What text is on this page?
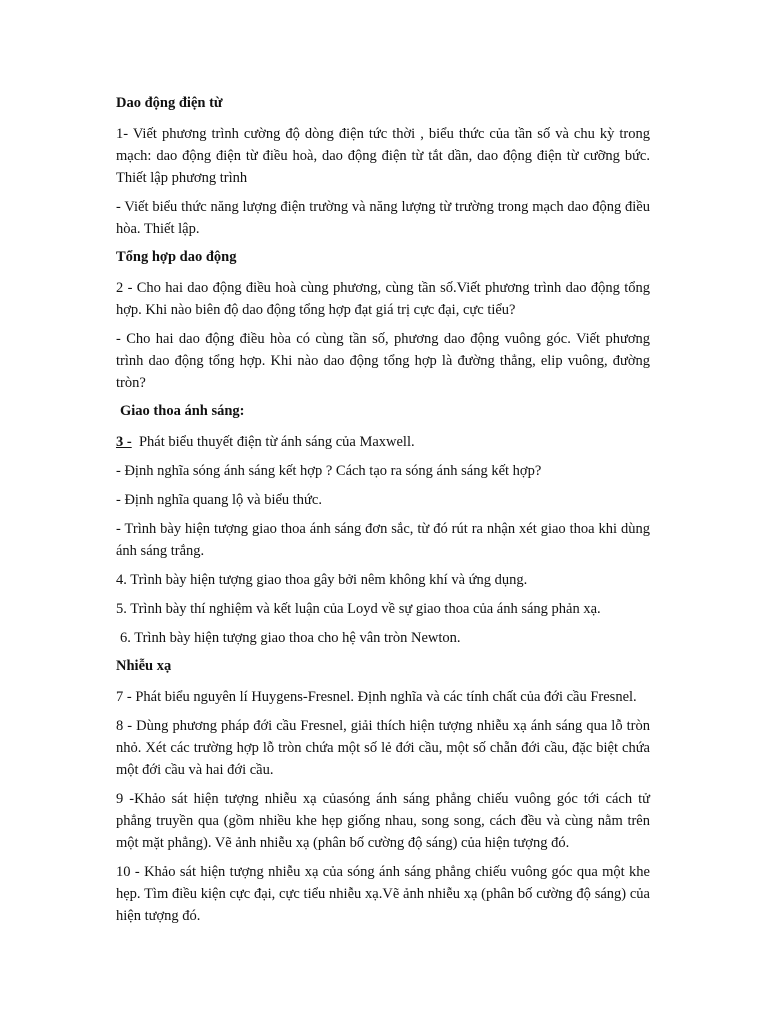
Dao động điện từ

1- Viết phương trình cường độ dòng điện tức thời , biểu thức của tần số và chu kỳ trong mạch: dao động điện từ điều hoà, dao động điện từ tắt dần, dao động điện từ cưỡng bức. Thiết lập phương trình

- Viết biểu thức năng lượng điện trường và năng lượng từ trường trong mạch dao động điều hòa. Thiết lập.

Tổng hợp dao động

2 - Cho hai dao động điều hoà cùng phương, cùng tần số.Viết phương trình dao động tổng hợp. Khi nào biên độ dao động tổng hợp đạt giá trị cực đại, cực tiểu?

- Cho hai dao động điều hòa có cùng tần số, phương dao động vuông góc. Viết phương trình dao động tổng hợp. Khi nào dao động tổng hợp là đường thẳng, elip vuông, đường tròn?

Giao thoa ánh sáng:

3 - Phát biểu thuyết điện từ ánh sáng của Maxwell.

- Định nghĩa sóng ánh sáng kết hợp ? Cách tạo ra sóng ánh sáng kết hợp?

- Định nghĩa quang lộ và biểu thức.

- Trình bày hiện tượng giao thoa ánh sáng đơn sắc, từ đó rút ra nhận xét giao thoa khi dùng ánh sáng trắng.

4. Trình bày hiện tượng giao thoa gây bởi nêm không khí và ứng dụng.

5. Trình bày thí nghiệm và kết luận của Loyd về sự giao thoa của ánh sáng phản xạ.

6. Trình bày hiện tượng giao thoa cho hệ vân tròn Newton.

Nhiễu xạ

7 - Phát biểu nguyên lí Huygens-Fresnel. Định nghĩa và các tính chất của đới cầu Fresnel.

8 - Dùng phương pháp đới cầu Fresnel, giải thích hiện tượng nhiễu xạ ánh sáng qua lỗ tròn nhỏ. Xét các trường hợp lỗ tròn chứa một số lẻ đới cầu, một số chẵn đới cầu, đặc biệt chứa một đới cầu và hai đới cầu.

9 -Khảo sát hiện tượng nhiễu xạ củasóng ánh sáng phẳng chiếu vuông góc tới cách tử phẳng truyền qua (gồm nhiều khe hẹp giống nhau, song song, cách đều và cùng nằm trên một mặt phẳng). Vẽ ảnh nhiễu xạ (phân bố cường độ sáng) của hiện tượng đó.

10 - Khảo sát hiện tượng nhiễu xạ của sóng ánh sáng phẳng chiếu vuông góc qua một khe hẹp. Tìm điều kiện cực đại, cực tiểu nhiễu xạ.Vẽ ảnh nhiễu xạ (phân bố cường độ sáng) của hiện tượng đó.
